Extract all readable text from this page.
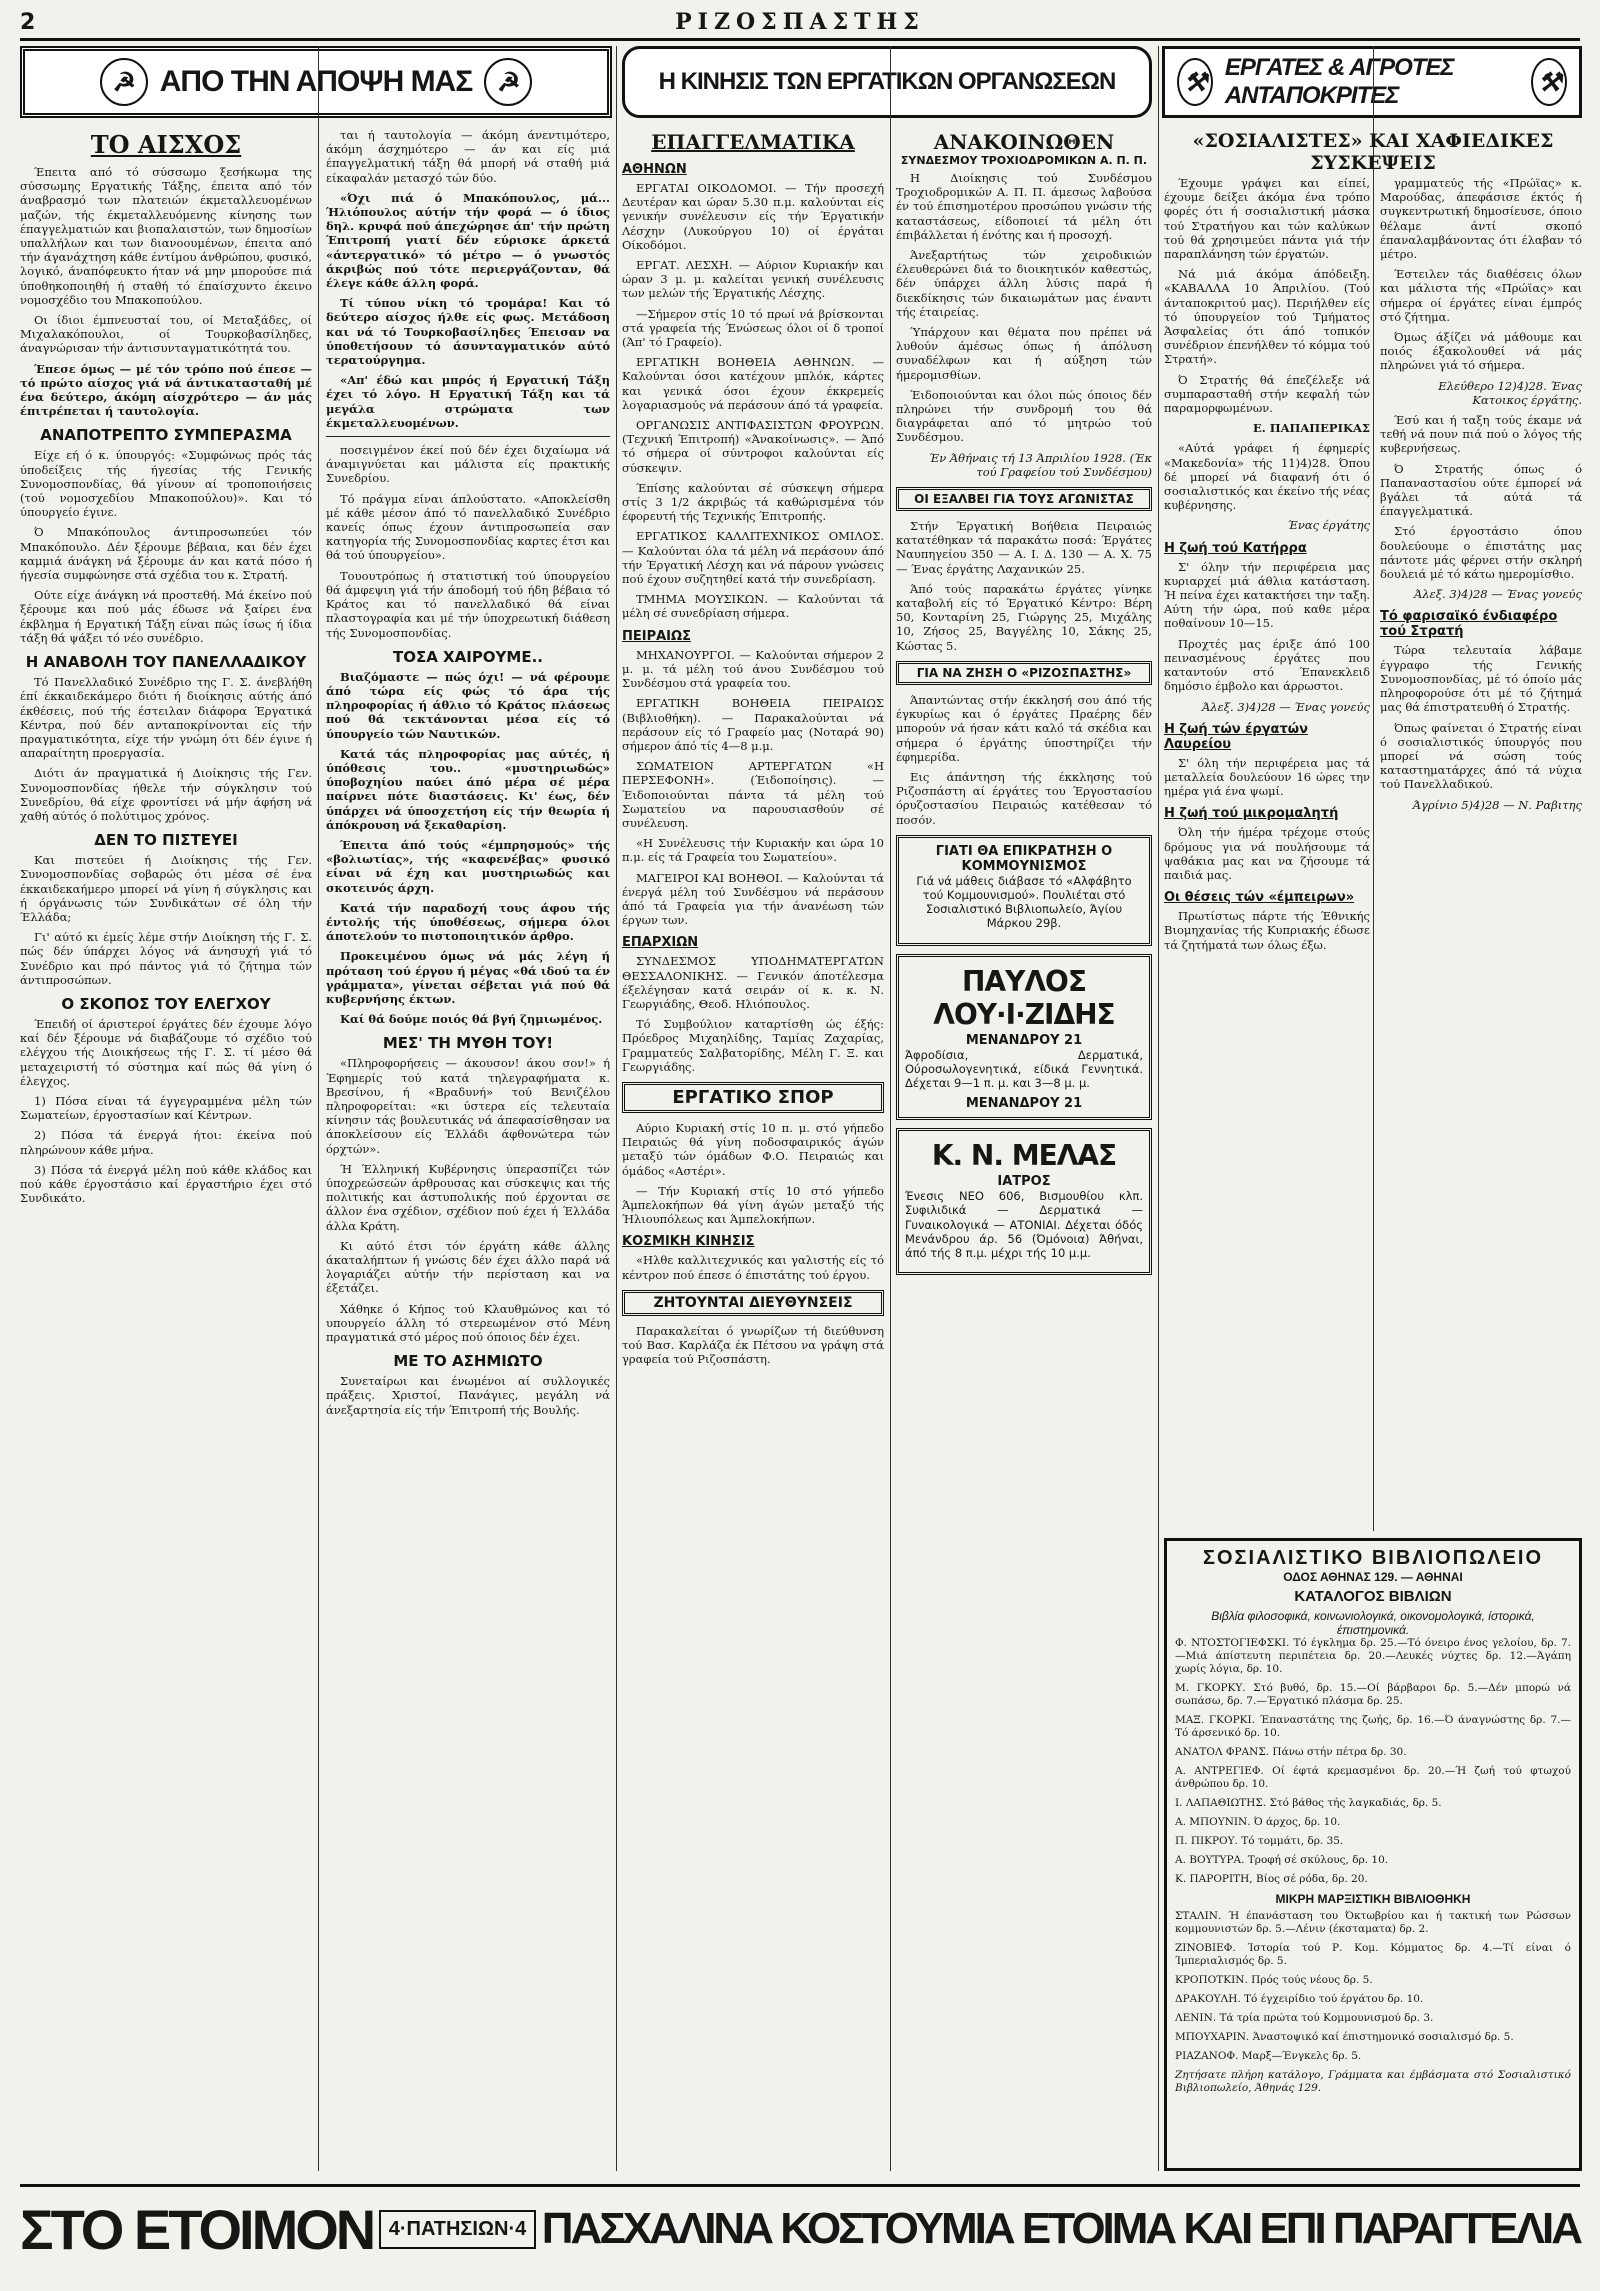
2	ΡΙΖΟΣΠΑΣΤΗΣ
☭ ΑΠΟ ΤΗΝ ΑΠΟΨΗ ΜΑΣ ☭	Η ΚΙΝΗΣΙΣ ΤΩΝ ΕΡΓΑΤΙΚΩΝ ΟΡΓΑΝΩΣΕΩΝ	⚒ ΕΡΓΑΤΕΣ & ΑΓΡΟΤΕΣ ΑΝΤΑΠΟΚΡΙΤΕΣ	⚒
ΤΟ ΑΙΣΧΟΣ

Έπειτα από τό σύσσωμο ξεσήκωμα της σύσσωμης Εργατικής Τάξης, έπειτα από τόν άναβρασμό των πλατειών έκμεταλλευομένων μαζών, τής έκμεταλλευόμενης κίνησης των έπαγγελματιών και βιοπαλαιστών, των δημοσίων υπαλλήλων και των διανοουμένων, έπειτα από τήν άγανάχτηση κάθε έντίμου άνθρώπου, φυσικό, λογικό, άναπόφευκτο ήταν νά μην μπορούσε πιά ύποθηκοποιηθή ή σταθή τό έπαίσχυντο έκεινο νομοσχέδιο του Μπακοπούλου.

Οι ίδιοι έμπνευσταί του, οί Μεταξάδες, οί Μιχαλακόπουλοι, οί Τουρκοβασίληδες, άναγνώρισαν τήν άντισυνταγματικότητά του.

Έπεσε όμως — μέ τόν τρόπο πού έπεσε — τό πρώτο αίσχος γιά νά άντικατασταθή μέ ένα δεύτερο, άκόμη αίσχρότερο — άν μάς έπιτρέπεται ή ταυτολογία.

ΑΝΑΠΟΤΡΕΠΤΟ ΣΥΜΠΕΡΑΣΜΑ

Είχε εή ό κ. ύπουργός: «Συμφώνως πρός τάς ύποδείξεις τής ήγεσίας τής Γενικής Συνομοσπονδίας, θά γίνουν αί τροποποιήσεις (τού νομοσχεδίου Μπακοπούλου)». Και τό ύπουργείο έγινε.

Ό Μπακόπουλος άντιπροσωπεύει τόν Μπακόπουλο. Δέν ξέρουμε βέβαια, και δέν έχει καμμιά άνάγκη νά ξέρουμε άν και κατά πόσο ή ήγεσία συμφώνησε στά σχέδια του κ. Στρατή.

Ούτε είχε άνάγκη νά προστεθή. Μά έκείνο πού ξέρουμε και πού μάς έδωσε νά ξαίρει ένα έκβλημα ή Εργατική Τάξη είναι πώς ίσως ή ίδια τάξη θά ψάξει τό νέο συνέδριο.

Η ΑΝΑΒΟΛΗ ΤΟΥ ΠΑΝΕΛΛΑΔΙΚΟΥ

Τό Πανελλαδικό Συνέδριο της Γ. Σ. άνεβλήθη έπί έκκαιδεκάμερο διότι ή διοίκησις αύτής άπό έκθέσεις, πού τής έστειλαν διάφορα Έργατικά Κέντρα, πού δέν ανταποκρίνονται είς τήν πραγματικότητα, είχε τήν γνώμη ότι δέν έγινε ή απαραίτητη προεργασία.

Διότι άν πραγματικά ή Διοίκησις τής Γεν. Συνομοσπονδίας ήθελε τήν σύγκλησιν τού Συνεδρίου, θά είχε φροντίσει νά μήν άφήση νά χαθή αύτός ό πολύτιμος χρόνος.

ΔΕΝ ΤΟ ΠΙΣΤΕΥΕΙ

Και πιστεύει ή Διοίκησις τής Γεν. Συνομοσπονδίας σοβαρώς ότι μέσα σέ ένα έκκαιδεκαήμερο μπορεί νά γίνη ή σύγκλησις και ή όργάνωσις τών Συνδικάτων σέ όλη τήν Έλλάδα;

Γι' αύτό κι έμείς λέμε στήν Διοίκηση τής Γ. Σ. πώς δέν ύπάρχει λόγος νά άνησυχή γιά τό Συνέδριο και πρό πάντος γιά τό ζήτημα τών άντιπροσώπων.

Ο ΣΚΟΠΟΣ ΤΟΥ ΕΛΕΓΧΟΥ

Έπειδή οί άριστεροί έργάτες δέν έχουμε λόγο καί δέν ξέρουμε νά διαβάζουμε τό σχέδιο τού ελέγχου τής Διοικήσεως τής Γ. Σ. τί μέσο θά μεταχειριστή τό σύστημα καί πώς θά γίνη ό έλεγχος.

1) Πόσα είναι τά έγγεγραμμένα μέλη τών Σωματείων, έργοστασίων καί Κέντρων.

2) Πόσα τά ένεργά ήτοι: έκείνα πού πληρώνουν κάθε μήνα.

3) Πόσα τά ένεργά μέλη πού κάθε κλάδος και πού κάθε έργοστάσιο καί έργαστήριο έχει στό Συνδικάτο.

ται ή ταυτολογία — άκόμη άνεντιμότερο, άκόμη άσχημότερο — άν και είς μιά έπαγγελματική τάξη θά μπορή νά σταθή μιά είκαφαλάν μετασχό τών δύο.

«Όχι πιά ό Μπακόπουλος, μά... Ήλιόπουλος αύτήν τήν φορά — ό ίδιος δηλ. κρυφά πού άπεχώρησε άπ' τήν πρώτη Έπιτροπή γιατί δέν εύρισκε άρκετά «άντεργατικό» τό μέτρο — ό γνωστός άκριβώς πού τότε περιεργάζονταν, θά έλεγε κάθε άλλη φορά.

Τί τύπου νίκη τό τρομάρα! Και τό δεύτερο αίσχος ήλθε είς φως. Μετάδοση και νά τό Τουρκοβασίληδες Έπεισαν να ύποθετήσουν τό άσυνταγματικόν αύτό τερατούργημα.

«Απ' έδώ και μπρός ή Εργατική Τάξη έχει τό λόγο. Η Εργατική Τάξη και τά μεγάλα στρώματα των έκμεταλλευομένων.

ποσειγμένον έκεί πού δέν έχει διχαίωμα νά άναμιγνύεται και μάλιστα είς πρακτικής Συνεδρίου.

Τό πράγμα είναι άπλούστατο. «Αποκλείσθη μέ κάθε μέσον άπό τό πανελλαδικό Συνέδριο κανείς όπως έχουν άντιπροσωπεία σαν κατηγορία τής Συνομοσπονδίας καρτες έτσι και θά τού ύπουργείου».

Τουουτρόπως ή στατιστική τού ύπουργείου θά άμφεψιη γιά τήν άποδομή τού ήδη βέβαια τό Κράτος και τό πανελλαδικό θά είναι πλαστογραφία και μέ τήν ύποχρεωτική διάθεση τής Συνομοσπονδίας.

ΤΟΣΑ ΧΑΙΡΟΥΜΕ..

Βιαζόμαστε — πώς όχι! — νά φέρουμε άπό τώρα είς φώς τό άρα τής πληροφορίας ή άθλιο τό Κράτος πλάσεως πού θά τεκτάνονται μέσα είς τό ύπουργείο τών Ναυτικών.

Κατά τάς πληροφορίας μας αύτές, ή ύπόθεσις του.. «μυστηριωδώς» ύποβοχηίου παύει άπό μέρα σέ μέρα παίρνει πότε διαστάσεις. Κι' έως, δέν ύπάρχει νά ύποσχετήση είς τήν θεωρία ή άπόκρουση νά ξεκαθαρίση.

Έπειτα άπό τούς «έμπρησμούς» τής «βολιωτίας», τής «καφενέβας» φυσικό είναι νά έχη και μυστηριωδώς και σκοτεινός άρχη.

Κατά τήν παραδοχή τους άφου τής έντολής τής ύποθέσεως, σήμερα όλοι άποτελούν το πιστοποιητικόν άρθρο.

Προκειμένου όμως νά μάς λέγη ή πρόταση τού έργου ή μέγας «θά ιδού τα έν γράμματα», γίνεται σέβεται γιά πού θά κυβερνήσης έκτων.

Καί θά δούμε ποιός θά βγή ζημιωμένος.

ΜΕΣ' ΤΗ ΜΥΘΗ ΤΟΥ!

«Πληροφορήσεις — άκουσον! άκου σον!» ή Έφημερίς τού κατά τηλεγραφήματα κ. Βρεσίνου, ή «Βραδυνή» τού Βενιζέλου πληροφορείται: «κι ύστερα είς τελευταία κίνησιν τάς βουλευτικάς νά άπεφασίσθησαν να άποκλείσουν είς Έλλάδι άφθονώτερα τών όρχτών».

Ή Έλληνική Κυβέρνησις ύπερασπίζει τών ύποχρεώσεών άρθρουσας και σύσκεψις και τής πολιτικής και άστυπολικής πού έρχονται σε άλλον ένα σχέδιον, σχέδιον πού έχει ή Έλλάδα άλλα Κράτη.

Κι αύτό έτσι τόν έργάτη κάθε άλλης άκαταλήπτων ή γνώσις δέν έχει άλλο παρά νά λογαριάζει αύτήν τήν περίσταση και να έξετάζει.

Χάθηκε ό Κήπος τού Κλαυθμώνος και τό υπουργείο άλλη τό στερεωμένον στό Μένη πραγματικά στό μέρος πού όποιος δέν έχει.

ΜΕ ΤΟ ΑΣΗΜΙΩΤΟ

Συνεταίρωι και ένωμένοι αί συλλογικές πράξεις. Χριστοί, Πανάγιες, μεγάλη νά άνεξαρτησία είς τήν Έπιτροπή τής Βουλής.

ΕΠΑΓΓΕΛΜΑΤΙΚΑ
ΑΘΗΝΩΝ

ΕΡΓΑΤΑΙ ΟΙΚΟΔΟΜΟΙ. — Τήν προσεχή Δευτέραν και ώραν 5.30 π.μ. καλούνται είς γενικήν συνέλευσιν είς τήν Έργατικήν Λέσχην (Λυκούργου 10) οί έργάται Οίκοδόμοι.

ΕΡΓΑΤ. ΛΕΣΧΗ. — Αύριον Κυριακήν και ώραν 3 μ. μ. καλείται γενική συνέλευσις των μελών τής Έργατικής Λέσχης.

—Σήμερον στίς 10 τό πρωί νά βρίσκονται στά γραφεία τής Ένώσεως όλοι οί δ τροποί (Άπ' τό Γραφείο).

ΕΡΓΑΤΙΚΗ ΒΟΗΘΕΙΑ ΑΘΗΝΩΝ. — Καλούνται όσοι κατέχουν μπλόκ, κάρτες και γενικά όσοι έχουν έκκρεμείς λογαριασμούς νά περάσουν άπό τά γραφεία.

ΟΡΓΑΝΩΣΙΣ ΑΝΤΙΦΑΣΙΣΤΩΝ ΦΡΟΥΡΩΝ. (Τεχνική Έπιτροπή) «Άνακοίνωσις». — Άπό τό σήμερα οί σύντροφοι καλούνται είς σύσκεψιν.

Έπίσης καλούνται σέ σύσκεψη σήμερα στίς 3 1/2 άκριβώς τά καθώρισμένα τόν έφορευτή τής Τεχνικής Έπιτροπής.

ΕΡΓΑΤΙΚΟΣ ΚΑΛΛΙΤΕΧΝΙΚΟΣ ΟΜΙΛΟΣ. — Καλούνται όλα τά μέλη νά περάσουν άπό τήν Έργατική Λέσχη και νά πάρουν γνώσεις πού έχουν συζητηθεί κατά τήν συνεδρίαση.

ΤΜΗΜΑ ΜΟΥΣΙΚΩΝ. — Καλούνται τά μέλη σέ συνεδρίαση σήμερα.

ΠΕΙΡΑΙΩΣ

ΜΗΧΑΝΟΥΡΓΟΙ. — Καλούνται σήμερον 2 μ. μ. τά μέλη τού άνου Συνδέσμου τού Συνδέσμου στά γραφεία του.

ΕΡΓΑΤΙΚΗ ΒΟΗΘΕΙΑ ΠΕΙΡΑΙΩΣ (Βιβλιοθήκη). — Παρακαλούνται νά περάσουν είς τό Γραφείο μας (Νοταρά 90) σήμερον άπό τίς 4—8 μ.μ.

ΣΩΜΑΤΕΙΟΝ ΑΡΤΕΡΓΑΤΩΝ «Η ΠΕΡΣΕΦΟΝΗ». (Έιδοποίησις). — Έιδοποιούνται πάντα τά μέλη τού Σωματείου να παρουσιασθούν σέ συνέλευση.

«Η Συνέλευσις τήν Κυριακήν και ώρα 10 π.μ. είς τά Γραφεία του Σωματείου».

ΜΑΓΕΙΡΟΙ ΚΑΙ ΒΟΗΘΟΙ. — Καλούνται τά ένεργά μέλη τού Συνδέσμου νά περάσουν άπό τά Γραφεία για τήν άνανέωση τών έργων των.

ΕΠΑΡΧΙΩΝ

ΣΥΝΔΕΣΜΟΣ ΥΠΟΔΗΜΑΤΕΡΓΑΤΩΝ ΘΕΣΣΑΛΟΝΙΚΗΣ. — Γενικόν άποτέλεσμα έξελέγησαν κατά σειράν οί κ. κ. Ν. Γεωργιάδης, Θεοδ. Ηλιόπουλος.

Τό Συμβούλιον καταρτίσθη ώς έξής: Πρόεδρος Μιχαηλίδης, Ταμίας Ζαχαρίας, Γραμματεύς Σαλβατορίδης, Μέλη Γ. Ξ. και Γεωργιάδης.

ΕΡΓΑΤΙΚΟ ΣΠΟΡ

Αύριο Κυριακή στίς 10 π. μ. στό γήπεδο Πειραιώς θά γίνη ποδοσφαιρικός άγών μεταξύ τών όμάδων Φ.Ο. Πειραιώς και όμάδος «Αστέρι».

— Τήν Κυριακή στίς 10 στό γήπεδο Άμπελοκήπων θά γίνη άγών μεταξύ τής Ήλιουπόλεως και Άμπελοκήπων.

ΚΟΣΜΙΚΗ ΚΙΝΗΣΙΣ

«Ηλθε καλλιτεχνικός και γαλιστής είς τό κέντρον πού έπεσε ό έπιστάτης τού έργου.

ΖΗΤΟΥΝΤΑΙ ΔΙΕΥΘΥΝΣΕΙΣ

Παρακαλείται ό γνωρίζων τή διεύθυνση τού Βασ. Καρλάζα έκ Πέτσου να γράψη στά γραφεία τού Ριζοσπάστη.

ΑΝΑΚΟΙΝΩΘΕΝ
ΣΥΝΔΕΣΜΟΥ ΤΡΟΧΙΟΔΡΟΜΙΚΩΝ Α. Π. Π.

Η Διοίκησις τού Συνδέσμου Τροχιοδρομικών Α. Π. Π. άμεσως λαβούσα έν τού έπισημοτέρου προσώπου γνώσιν τής καταστάσεως, είδοποιεί τά μέλη ότι έπιβάλλεται ή ένότης και ή προσοχή.

Άνεξαρτήτως τών χειροδικιών έλευθερώνει διά το διοικητικόν καθεστώς, δέν ύπάρχει άλλη λύσις παρά ή διεκδίκησις τών δικαιωμάτων μας έναντι τής έταιρείας.

Ύπάρχουν και θέματα που πρέπει νά λυθούν άμέσως όπως ή άπόλυση συναδέλφων και ή αύξηση τών ήμερομισθίων.

Έιδοποιούνται και όλοι πώς όποιος δέν πληρώνει τήν συνδρομή του θά διαγράφεται από τό μητρώο τού Συνδέσμου.

Έν Άθήναις τή 13 Άπριλίου 1928. (Έκ τού Γραφείου τού Συνδέσμου)

ΟΙ ΕΞΑΛΒΕΙ ΓΙΑ ΤΟΥΣ ΑΓΩΝΙΣΤΑΣ

Στήν Έργατική Βοήθεια Πειραιώς κατατέθηκαν τά παρακάτω ποσά: Έργάτες Ναυπηγείου 350 — Α. Ι. Δ. 130 — Α. Χ. 75 — Ένας έργάτης Λαχανικών 25.

Άπό τούς παρακάτω έργάτες γίνηκε καταβολή είς τό Έργατικό Κέντρο: Βέρη 50, Κονταρίνη 25, Γιώργης 25, Μιχάλης 10, Ζήσος 25, Βαγγέλης 10, Σάκης 25, Κώστας 5.

ΓΙΑ ΝΑ ΖΗΣΗ Ο «ΡΙΖΟΣΠΑΣΤΗΣ»

Άπαντώντας στήν έκκλησή σου άπό τής έγκυρίως και ό έργάτες Πραέρης δέν μπορούν νά ήσαν κάτι καλό τά σκέδια και σήμερα ό έργάτης ύποστηρίζει τήν έφημερίδα.

Εις άπάντηση τής έκκλησης τού Ριζοσπάστη αί έργάτες του Έργοστασίου όρυζοστασίου Πειραιώς κατέθεσαν τό ποσόν.

ΓΙΑΤΙ ΘΑ ΕΠΙΚΡΑΤΗΣΗ Ο ΚΟΜΜΟΥΝΙΣΜΟΣ

Γιά νά μάθεις διάβασε τό «Αλφάβητο τού Κομμουνισμού». Πουλιέται στό Σοσιαλιστικό Βιβλιοπωλείο, Άγίου Μάρκου 29β.

ΠΑΥΛΟΣ ΛΟΥ·Ι·ΖΙΔΗΣ
ΜΕΝΑΝΔΡΟΥ 21

Άφροδίσια, Δερματικά, Ούροσωλογενητικά, είδικά Γεννητικά. Δέχεται 9—1 π. μ. και 3—8 μ. μ.

ΜΕΝΑΝΔΡΟΥ 21
Κ. Ν. ΜΕΛΑΣ
ΙΑΤΡΟΣ

Ένεσις ΝΕΟ 606, Βισμουθίου κλπ. Συφιλιδικά — Δερματικά — Γυναικολογικά — ΑΤΟΝΙΑΙ. Δέχεται όδός Μενάνδρου άρ. 56 (Όμόνοια) Άθήναι, άπό τής 8 π.μ. μέχρι τής 10 μ.μ.

«ΣΟΣΙΑΛΙΣΤΕΣ» ΚΑΙ ΧΑΦΙΕΔΙΚΕΣ ΣΥΣΚΕΨΕΙΣ

Έχουμε γράψει και είπεί, έχουμε δείξει άκόμα ένα τρόπο φορές ότι ή σοσιαλιστική μάσκα τού Στρατήγου και τών καλύκων τού θά χρησιμεύει πάντα γιά τήν παραπλάνηση τών έργατών.

Νά μιά άκόμα άπόδειξη. «ΚΑΒΑΛΛΑ 10 Άπριλίου. (Τού άνταποκριτού μας). Περιήλθεν είς τό ύπουργείον τού Τμήματος Άσφαλείας ότι άπό τοπικόν συνέδριον έπενήλθεν τό κόμμα τού Στρατή».

Ό Στρατής θά έπεζέλεξε νά συμπαρασταθή στήν κεφαλή τών παραμορφωμένων.

Ε. ΠΑΠΑΠΕΡΙΚΑΣ

«Αύτά γράφει ή έφημερίς «Μακεδονία» τής 11)4)28. Όπου δέ μπορεί νά διαφανή ότι ό σοσιαλιστικός και έκείνο τής νέας κυβέρνησης.

Ένας έργάτης

Η ζωή τού Κατήρρα

Σ' όλην τήν περιφέρεια μας κυριαρχεί μιά άθλια κατάσταση. Ή πείνα έχει κατακτήσει την ταξη. Αύτη τήν ώρα, πού καθε μέρα ποθαίνουν 10—15.

Προχτές μας έριξε άπό 100 πεινασμένους έργάτες που καταντούν στό Έπανεκλειδ δημόσιο έμβολο και άρρωστοι.

Άλεξ. 3)4)28 — Ένας γονεύς

Η ζωή τών έργατών Λαυρείου

Σ' όλη τήν περιφέρεια μας τά μεταλλεία δουλεύουν 16 ώρες την ημέρα γιά ένα ψωμί.

Η ζωή τού μικρομαλητή

Όλη τήν ήμέρα τρέχομε στούς δρόμους για νά πουλήσουμε τά ψαθάκια μας και να ζήσουμε τά παιδιά μας.

Οι θέσεις τών «έμπειρων»

Πρωτίστως πάρτε τής Έθνικής Βιομηχανίας τής Κυπριακής έδωσε τά ζητήματά των όλως έξω.

γραμματεύς τής «Πρώϊας» κ. Μαρούδας, άπεφάσισε έκτός ή συγκεντρωτική δημοσίευσε, όποιο θέλαμε άντί σκοπό έπαναλαμβάνοντας ότι έλαβαν τό μέτρο.

Έστειλεν τάς διαθέσεις όλων και μάλιστα τής «Πρώϊας» και σήμερα οί έργάτες είναι έμπρός στό ζήτημα.

Όμως άξίζει νά μάθουμε και ποιός έξακολουθεί νά μάς πληρώνει γιά τό σήμερα.

Ελεύθερο 12)4)28. Ένας Κατοικος έργάτης.

Έσύ και ή ταξη τούς έκαμε νά τεθή νά πουν πιά πού ο λόγος τής κυβερνήσεως.

Ό Στρατής όπως ό Παπαναστασίου ούτε έμπορεί νά βγάλει τά αύτά τά έπαγγελματικά.

Στό έργοστάσιο όπου δουλεύουμε ο έπιστάτης μας πάντοτε μάς φέρνει στήν σκληρή δουλειά μέ τό κάτω ημερομίσθιο.

Άλεξ. 3)4)28 — Ένας γονεύς

Τό φαρισαϊκό ένδιαφέρο τού Στρατή

Τώρα τελευταία λάβαμε έγγραφο τής Γενικής Συνομοσπονδίας, μέ τό όποίο μάς πληροφορούσε ότι μέ τό ζήτημά μας θά έπιστρατευθή ό Στρατής.

Όπως φαίνεται ό Στρατής είναι ό σοσιαλιστικός ύπουργός που μπορεί νά σώση τούς καταστηματάρχες άπό τά νύχια τού Πανελλαδικού.

Άγρίνιο 5)4)28 — Ν. Ραβιτης

ΣΟΣΙΑΛΙΣΤΙΚΟ ΒΙΒΛΙΟΠΩΛΕΙΟ
ΟΔΟΣ ΑΘΗΝΑΣ 129. — ΑΘΗΝΑΙ
ΚΑΤΑΛΟΓΟΣ ΒΙΒΛΙΩΝ
Βιβλία φιλοσοφικά, κοινωνιολογικά, οικονομολογικά, ίστορικά, έπιστημονικά.

Φ. ΝΤΟΣΤΟΓΙΕΦΣΚΙ. Τό έγκλημα δρ. 25.—Τό όνειρο ένος γελοίου, δρ. 7. —Μιά άπίστευτη περιπέτεια δρ. 20.—Λευκές νύχτες δρ. 12.—Άγάπη χωρίς λόγια, δρ. 10.

Μ. ΓΚΟΡΚΥ. Στό βυθό, δρ. 15.—Οί βάρβαροι δρ. 5.—Δέν μπορώ νά σωπάσω, δρ. 7.—Έργατικό πλάσμα δρ. 25.

ΜΑΞ. ΓΚΟΡΚΙ. Έπαναστάτης της ζωής, δρ. 16.—Ό άναγνώστης δρ. 7.—Τό άρσενικό δρ. 10.

ΑΝΑΤΟΛ ΦΡΑΝΣ. Πάνω στήν πέτρα δρ. 30.

Α. ΑΝΤΡΕΓΙΕΦ. Οί έφτά κρεμασμένοι δρ. 20.—Ή ζωή τού φτωχού άνθρώπου δρ. 10.

Ι. ΛΑΠΑΘΙΩΤΗΣ. Στό βάθος τής λαγκαδιάς, δρ. 5.

Α. ΜΠΟΥΝΙΝ. Ό άρχος, δρ. 10.

Π. ΠΙΚΡΟΥ. Τό τομμάτι, δρ. 35.

Α. ΒΟΥΤΥΡΑ. Τροφή σέ σκύλους, δρ. 10.

Κ. ΠΑΡΟΡΙΤΗ, Βίος σέ ρόδα, δρ. 20.

ΜΙΚΡΗ ΜΑΡΞΙΣΤΙΚΗ ΒΙΒΛΙΟΘΗΚΗ

ΣΤΑΛΙΝ. Ή έπανάσταση του Όκτωβρίου και ή τακτική των Ρώσσων κομμουνιστών δρ. 5.—Λένιν (έκσταματα) δρ. 2.

ΖΙΝΟΒΙΕΦ. Ίστορία τού Ρ. Κομ. Κόμματος δρ. 4.—Τί είναι ό Ίμπεριαλισμός δρ. 5.

ΚΡΟΠΟΤΚΙΝ. Πρός τούς νέους δρ. 5.

ΔΡΑΚΟΥΛΗ. Τό έγχειρίδιο τού έργάτου δρ. 10.

ΛΕΝΙΝ. Τά τρία πρώτα τού Κομμουνισμού δρ. 3.

ΜΠΟΥΧΑΡΙΝ. Άναστοψικό καί έπιστημονικό σοσιαλισμό δρ. 5.

ΡΙΑΖΑΝΟΦ. Μαρξ—Ένγκελς δρ. 5.

Ζητήσατε πλήρη κατάλογο, Γράμματα και έμβάσματα στό Σοσιαλιστικό Βιβλιοπωλείο, Άθηνάς 129.

ΣΤΟ ΕΤΟΙΜΟΝ 4·ΠΑΤΗΣΙΩΝ·4 ΠΑΣΧΑΛΙΝΑ ΚΟΣΤΟΥΜΙΑ ΕΤΟΙΜΑ ΚΑΙ ΕΠΙ ΠΑΡΑΓΓΕΛΙΑ
